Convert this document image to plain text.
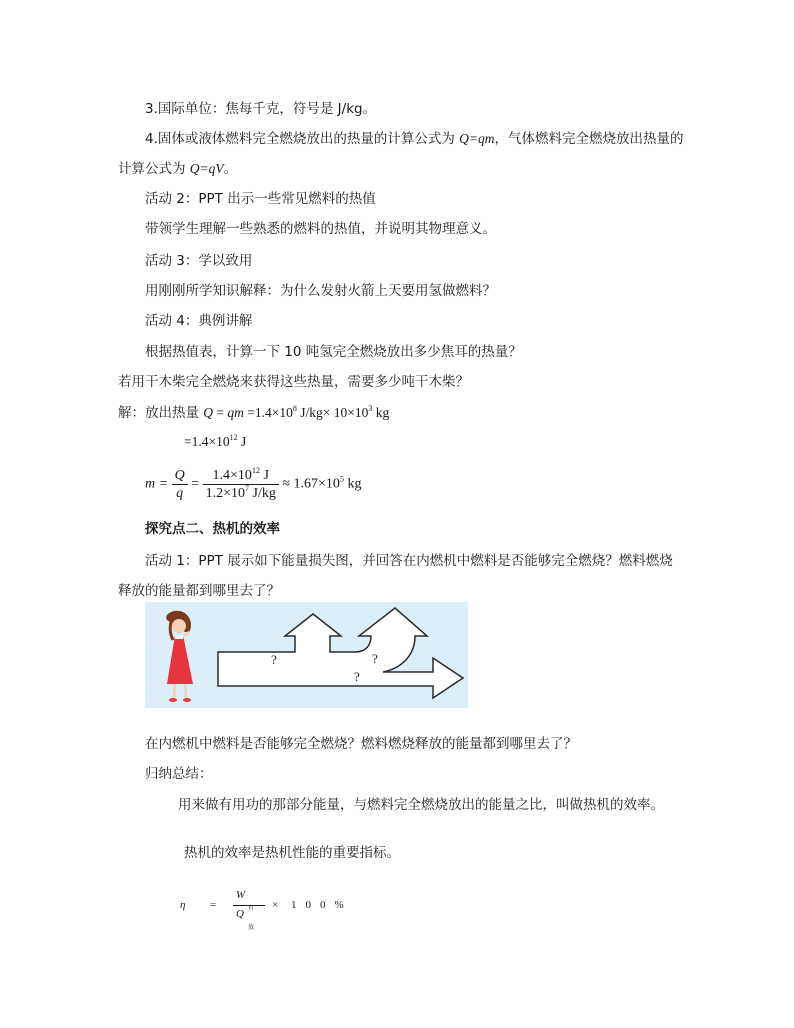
3.国际单位：焦每千克，符号是 J/kg。
4.固体或液体燃料完全燃烧放出的热量的计算公式为 Q=qm，气体燃料完全燃烧放出热量的
计算公式为 Q=qV。
活动 2：PPT 出示一些常见燃料的热值
带领学生理解一些熟悉的燃料的热值，并说明其物理意义。
活动 3：学以致用
用刚刚所学知识解释：为什么发射火箭上天要用氢做燃料？
活动 4：典例讲解
根据热值表，计算一下 10 吨氢完全燃烧放出多少焦耳的热量？
若用干木柴完全燃烧来获得这些热量，需要多少吨干木柴？
解：放出热量 Q = qm $=1.4\times 10^8$ $J/kg\times 10\times 10^3$ kg
$=1.4\times 10^{12}$ J
$m = \frac{Q}{q} = \frac{1.4\times 10^{12} J}{1.2\times 10^7 J/kg} \approx 1.67\times 10^5$ kg
探究点二、热机的效率
活动 1：PPT 展示如下能量损失图，并回答在内燃机中燃料是否能够完全燃烧？燃料燃烧
释放的能量都到哪里去了？
?	?
?
在内燃机中燃料是否能够完全燃烧？燃料燃烧释放的能量都到哪里去了？
归纳总结：
用来做有用功的那部分能量，与燃料完全燃烧放出的能量之比，叫做热机的效率。
热机的效率是热机性能的重要指标。
η =
W有
Q放
× 100%
